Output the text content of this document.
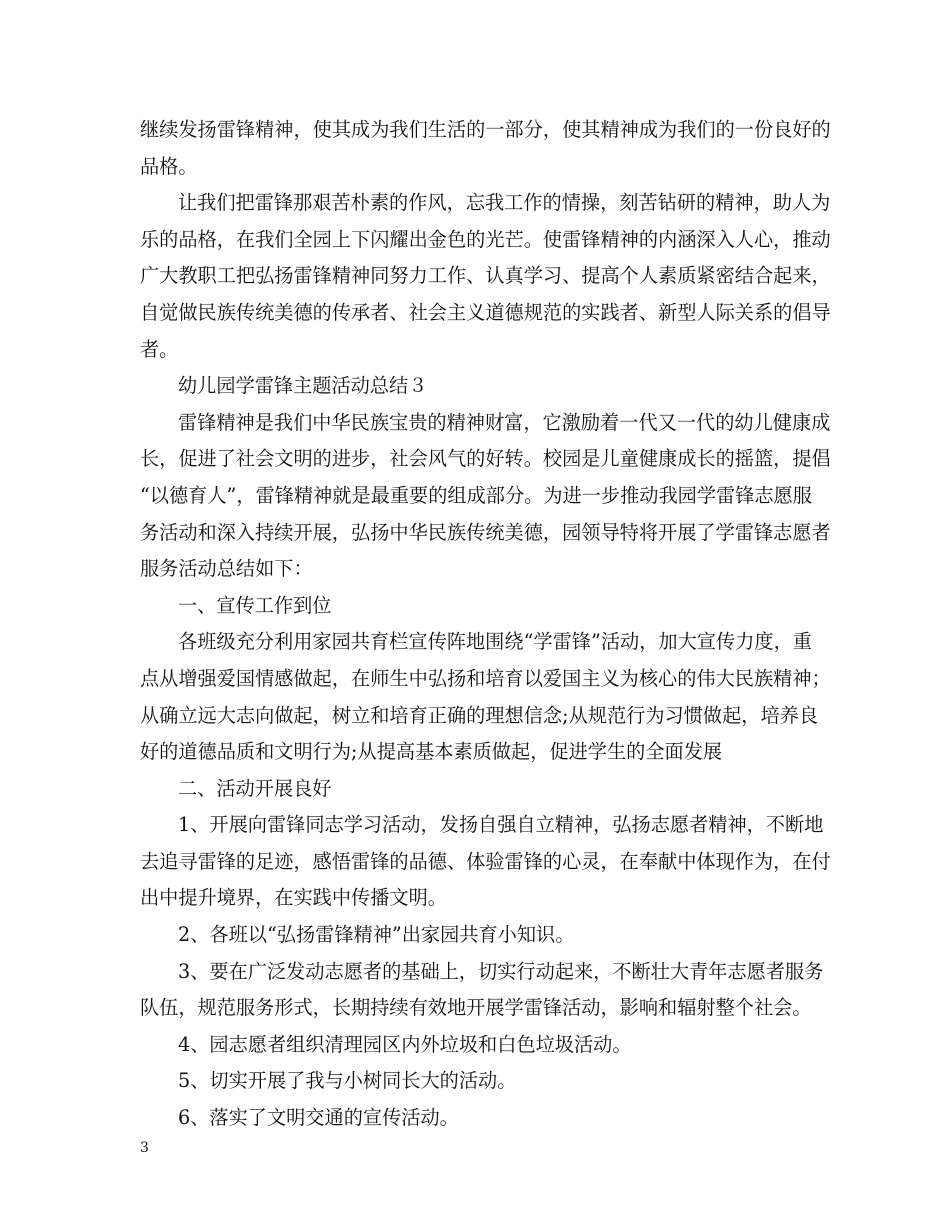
继续发扬雷锋精神，使其成为我们生活的一部分，使其精神成为我们的一份良好的
品格。
让我们把雷锋那艰苦朴素的作风，忘我工作的情操，刻苦钻研的精神，助人为
乐的品格，在我们全园上下闪耀出金色的光芒。使雷锋精神的内涵深入人心，推动
广大教职工把弘扬雷锋精神同努力工作、认真学习、提高个人素质紧密结合起来，
自觉做民族传统美德的传承者、社会主义道德规范的实践者、新型人际关系的倡导
者。
幼儿园学雷锋主题活动总结３
雷锋精神是我们中华民族宝贵的精神财富，它激励着一代又一代的幼儿健康成
长，促进了社会文明的进步，社会风气的好转。校园是儿童健康成长的摇篮，提倡
“以德育人”，雷锋精神就是最重要的组成部分。为进一步推动我园学雷锋志愿服
务活动和深入持续开展，弘扬中华民族传统美德，园领导特将开展了学雷锋志愿者
服务活动总结如下：
一、宣传工作到位
各班级充分利用家园共育栏宣传阵地围绕“学雷锋”活动，加大宣传力度，重
点从增强爱国情感做起，在师生中弘扬和培育以爱国主义为核心的伟大民族精神；
从确立远大志向做起，树立和培育正确的理想信念;从规范行为习惯做起，培养良
好的道德品质和文明行为;从提高基本素质做起，促进学生的全面发展
二、活动开展良好
1、开展向雷锋同志学习活动，发扬自强自立精神，弘扬志愿者精神，不断地
去追寻雷锋的足迹，感悟雷锋的品德、体验雷锋的心灵，在奉献中体现作为，在付
出中提升境界，在实践中传播文明。
2、各班以“弘扬雷锋精神”出家园共育小知识。
3、要在广泛发动志愿者的基础上，切实行动起来，不断壮大青年志愿者服务
队伍，规范服务形式，长期持续有效地开展学雷锋活动，影响和辐射整个社会。
4、园志愿者组织清理园区内外垃圾和白色垃圾活动。
5、切实开展了我与小树同长大的活动。
6、落实了文明交通的宣传活动。
3
